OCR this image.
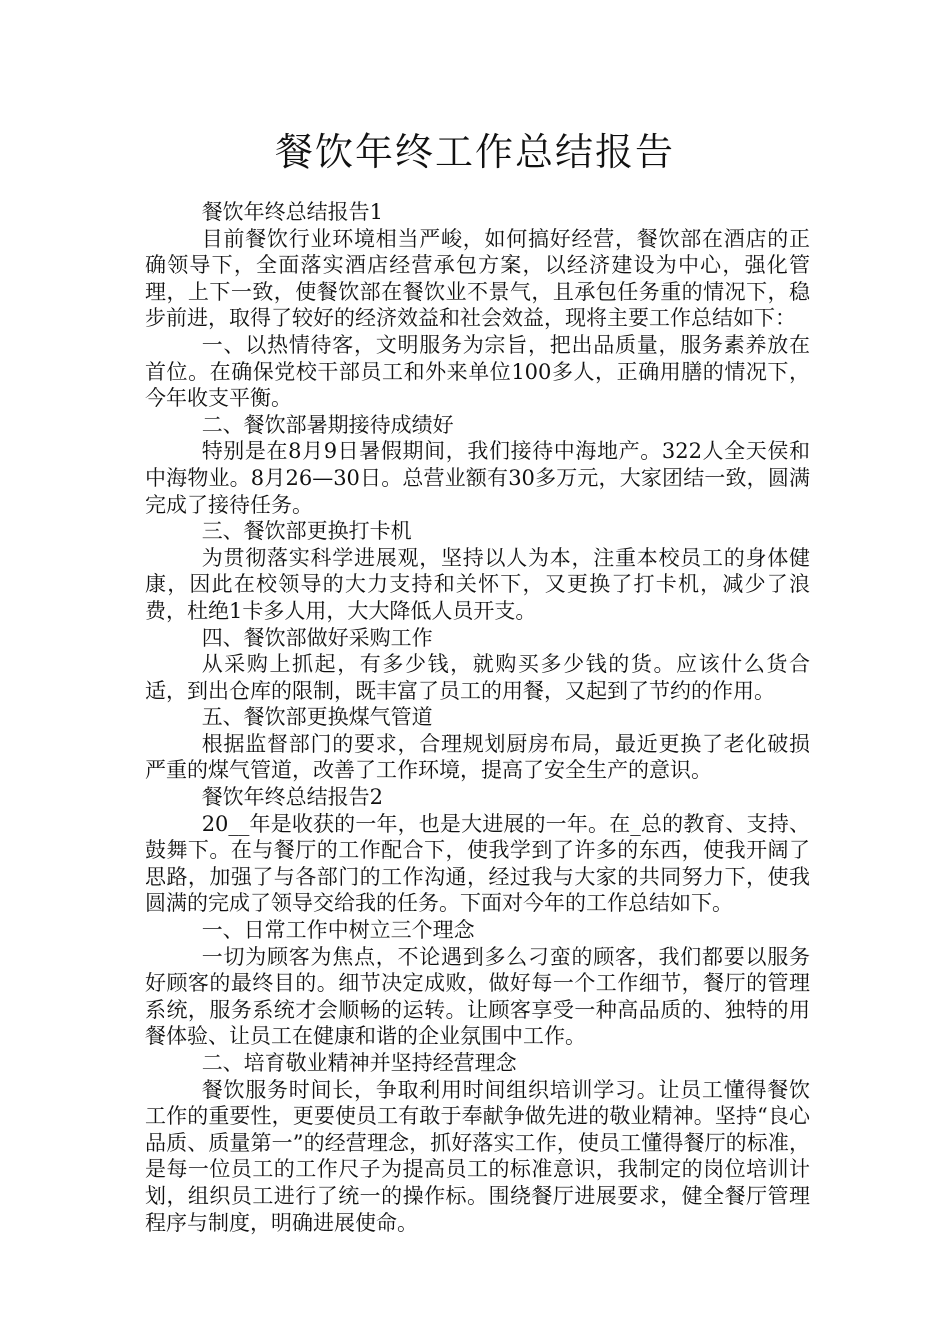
餐饮年终工作总结报告

餐饮年终总结报告1

目前餐饮行业环境相当严峻，如何搞好经营，餐饮部在酒店的正确领导下，全面落实酒店经营承包方案，以经济建设为中心，强化管理，上下一致，使餐饮部在餐饮业不景气，且承包任务重的情况下，稳步前进，取得了较好的经济效益和社会效益，现将主要工作总结如下：

一、以热情待客，文明服务为宗旨，把出品质量，服务素养放在首位。在确保党校干部员工和外来单位100多人，正确用膳的情况下，今年收支平衡。

二、餐饮部暑期接待成绩好

特别是在8月9日暑假期间，我们接待中海地产。322人全天侯和中海物业。8月26—30日。总营业额有30多万元，大家团结一致，圆满完成了接待任务。

三、餐饮部更换打卡机

为贯彻落实科学进展观，坚持以人为本，注重本校员工的身体健康，因此在校领导的大力支持和关怀下，又更换了打卡机，减少了浪费，杜绝1卡多人用，大大降低人员开支。

四、餐饮部做好采购工作

从采购上抓起，有多少钱，就购买多少钱的货。应该什么货合适，到出仓库的限制，既丰富了员工的用餐，又起到了节约的作用。

五、餐饮部更换煤气管道

根据监督部门的要求，合理规划厨房布局，最近更换了老化破损严重的煤气管道，改善了工作环境，提高了安全生产的意识。

餐饮年终总结报告2

20__年是收获的一年，也是大进展的一年。在_总的教育、支持、鼓舞下。在与餐厅的工作配合下，使我学到了许多的东西，使我开阔了思路，加强了与各部门的工作沟通，经过我与大家的共同努力下，使我圆满的完成了领导交给我的任务。下面对今年的工作总结如下。

一、日常工作中树立三个理念

一切为顾客为焦点，不论遇到多么刁蛮的顾客，我们都要以服务好顾客的最终目的。细节决定成败，做好每一个工作细节，餐厅的管理系统，服务系统才会顺畅的运转。让顾客享受一种高品质的、独特的用餐体验、让员工在健康和谐的企业氛围中工作。

二、培育敬业精神并坚持经营理念

餐饮服务时间长，争取利用时间组织培训学习。让员工懂得餐饮工作的重要性，更要使员工有敢于奉献争做先进的敬业精神。坚持“良心品质、质量第一”的经营理念，抓好落实工作，使员工懂得餐厅的标准，是每一位员工的工作尺子为提高员工的标准意识，我制定的岗位培训计划，组织员工进行了统一的操作标。围绕餐厅进展要求，健全餐厅管理程序与制度，明确进展使命。
